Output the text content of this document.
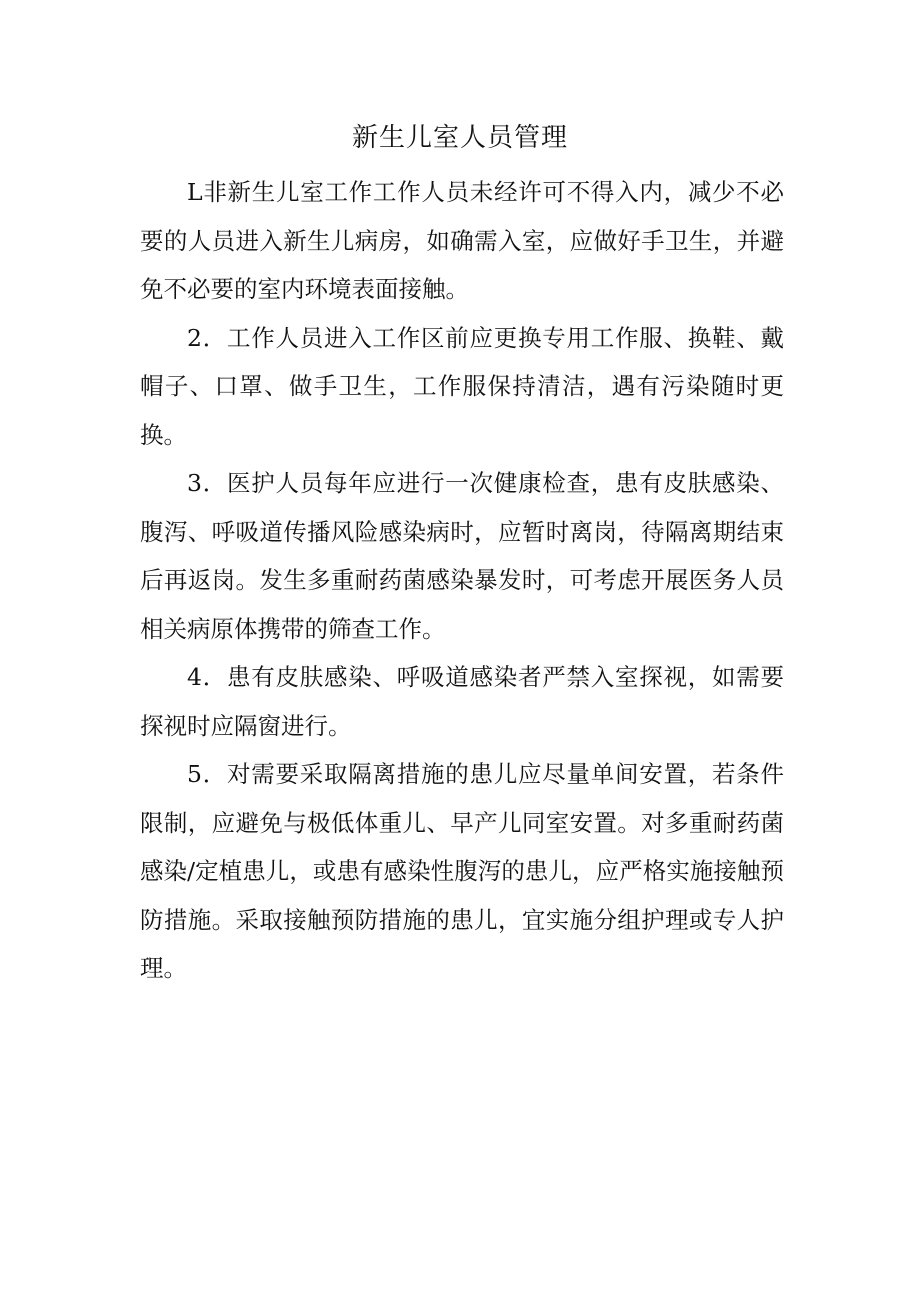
新生儿室人员管理

L非新生儿室工作工作人员未经许可不得入内，减少不必要的人员进入新生儿病房，如确需入室，应做好手卫生，并避免不必要的室内环境表面接触。

2．工作人员进入工作区前应更换专用工作服、换鞋、戴帽子、口罩、做手卫生，工作服保持清洁，遇有污染随时更换。

3．医护人员每年应进行一次健康检查，患有皮肤感染、腹泻、呼吸道传播风险感染病时，应暂时离岗，待隔离期结束后再返岗。发生多重耐药菌感染暴发时，可考虑开展医务人员相关病原体携带的筛查工作。

4．患有皮肤感染、呼吸道感染者严禁入室探视，如需要探视时应隔窗进行。

5．对需要采取隔离措施的患儿应尽量单间安置，若条件限制，应避免与极低体重儿、早产儿同室安置。对多重耐药菌感染/定植患儿，或患有感染性腹泻的患儿，应严格实施接触预防措施。采取接触预防措施的患儿，宜实施分组护理或专人护理。
